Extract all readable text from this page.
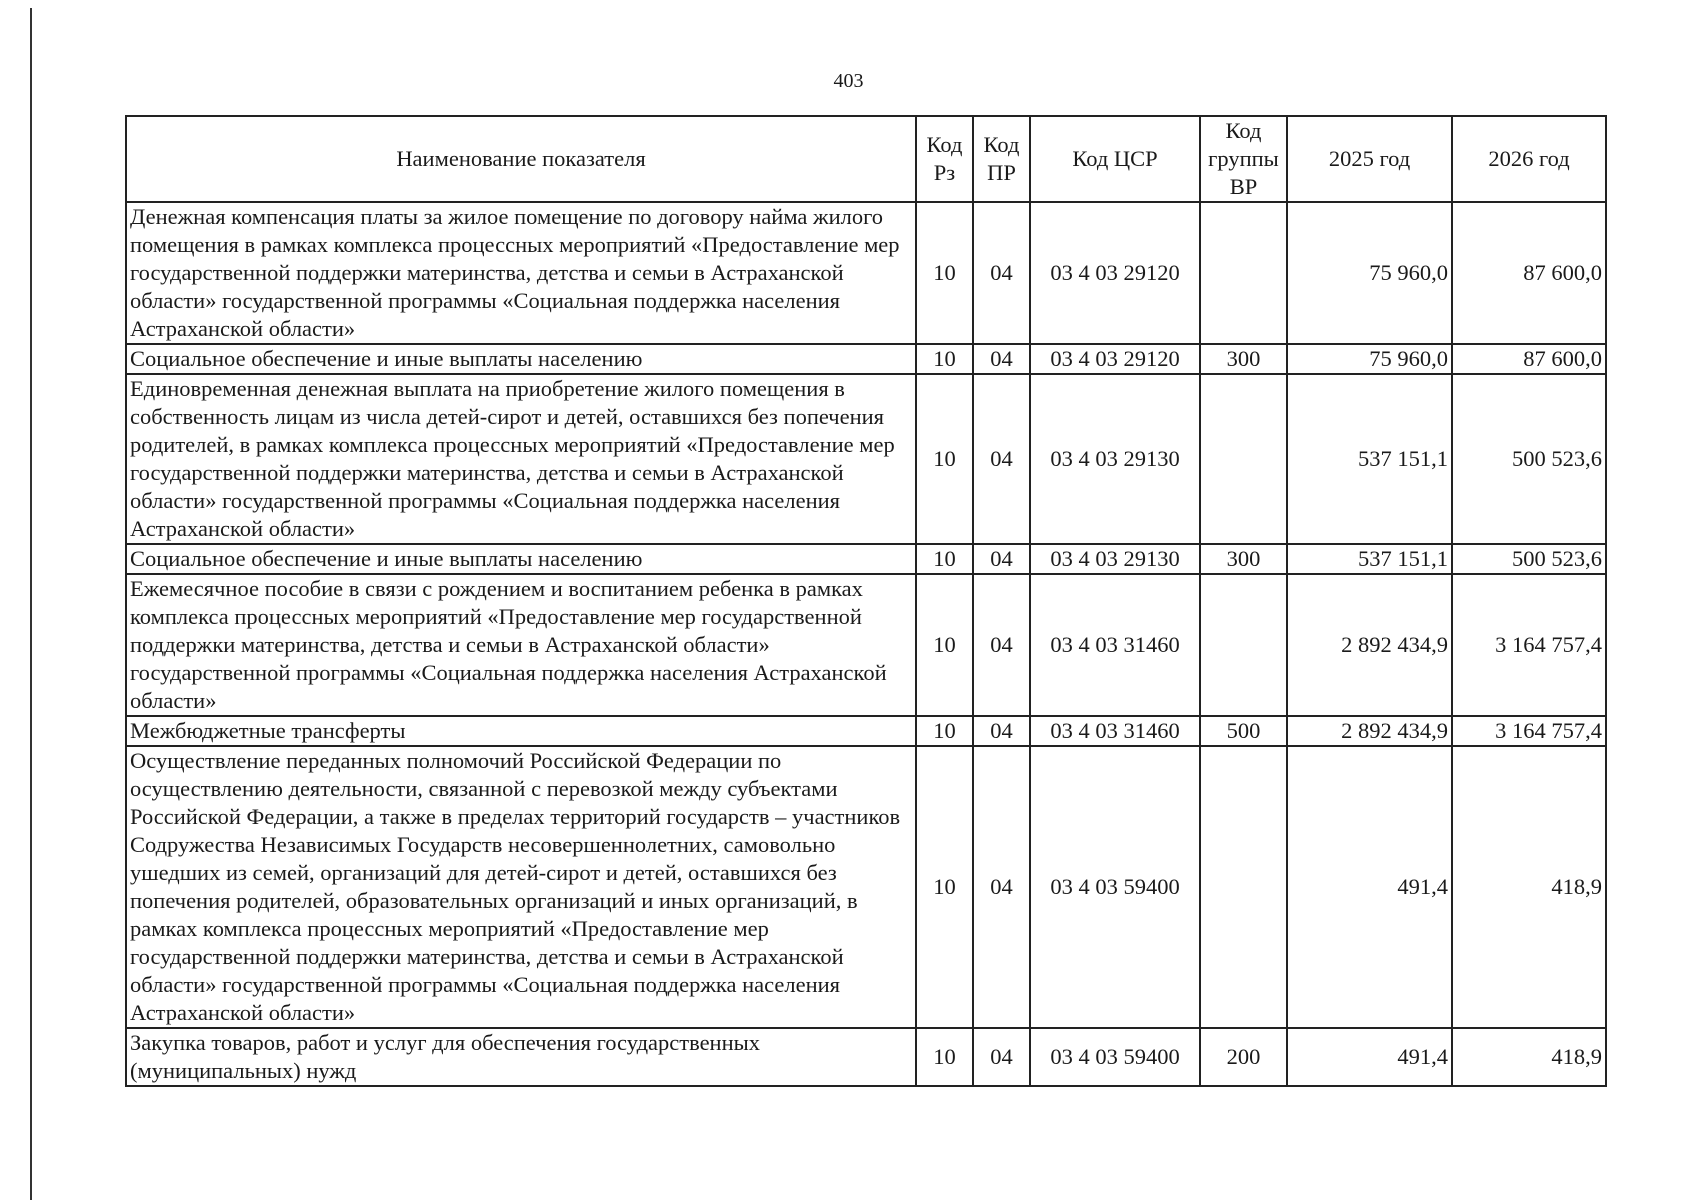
403
Наименование показателя	Код Рз	Код ПР	Код ЦСР	Код группы ВР	2025 год	2026 год
Денежная компенсация платы за жилое помещение по договору найма жилого помещения в рамках комплекса процессных мероприятий «Предоставление мер государственной поддержки материнства, детства и семьи в Астраханской области» государственной программы «Социальная поддержка населения Астраханской области»	10	04	03 4 03 29120		75 960,0	87 600,0
Социальное обеспечение и иные выплаты населению	10	04	03 4 03 29120	300	75 960,0	87 600,0
Единовременная денежная выплата на приобретение жилого помещения в собственность лицам из числа детей-сирот и детей, оставшихся без попечения родителей, в рамках комплекса процессных мероприятий «Предоставление мер государственной поддержки материнства, детства и семьи в Астраханской области» государственной программы «Социальная поддержка населения Астраханской области»	10	04	03 4 03 29130		537 151,1	500 523,6
Социальное обеспечение и иные выплаты населению	10	04	03 4 03 29130	300	537 151,1	500 523,6
Ежемесячное пособие в связи с рождением и воспитанием ребенка в рамках комплекса процессных мероприятий «Предоставление мер государственной поддержки материнства, детства и семьи в Астраханской области» государственной программы «Социальная поддержка населения Астраханской области»	10	04	03 4 03 31460		2 892 434,9	3 164 757,4
Межбюджетные трансферты	10	04	03 4 03 31460	500	2 892 434,9	3 164 757,4
Осуществление переданных полномочий Российской Федерации по осуществлению деятельности, связанной с перевозкой между субъектами Российской Федерации, а также в пределах территорий государств – участников Содружества Независимых Государств несовершеннолетних, самовольно ушедших из семей, организаций для детей-сирот и детей, оставшихся без попечения родителей, образовательных организаций и иных организаций, в рамках комплекса процессных мероприятий «Предоставление мер государственной поддержки материнства, детства и семьи в Астраханской области» государственной программы «Социальная поддержка населения Астраханской области»	10	04	03 4 03 59400		491,4	418,9
Закупка товаров, работ и услуг для обеспечения государственных (муниципальных) нужд	10	04	03 4 03 59400	200	491,4	418,9
